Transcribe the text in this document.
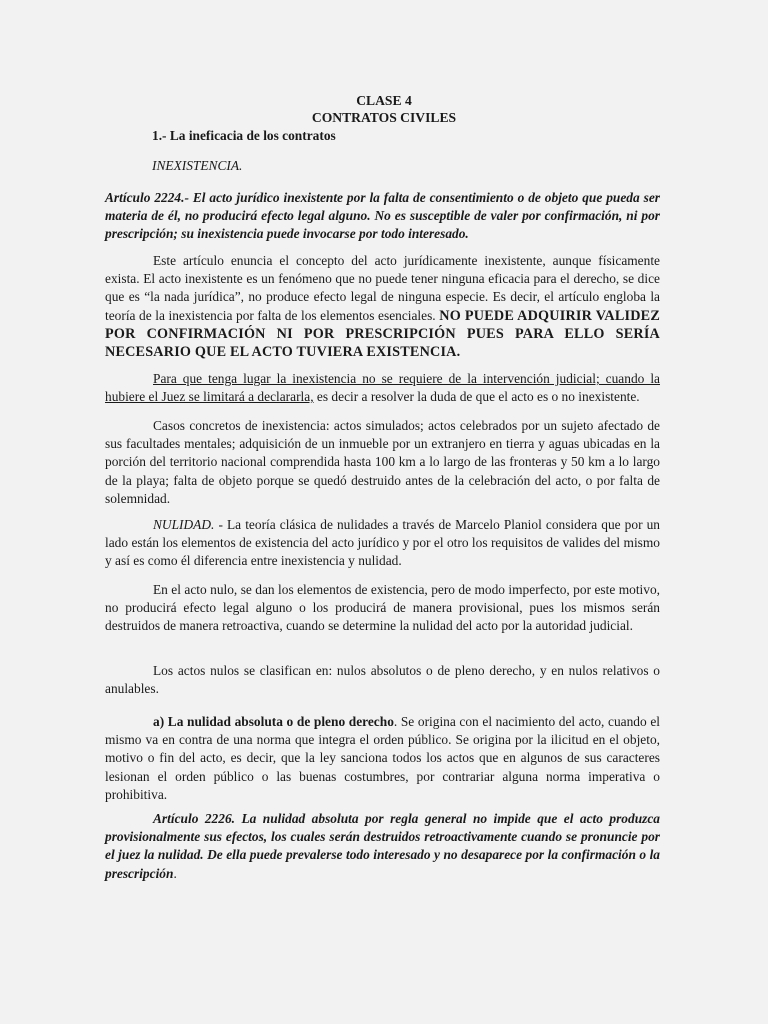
CLASE 4

CONTRATOS CIVILES

1.- La ineficacia de los contratos

INEXISTENCIA.

Artículo 2224.- El acto jurídico inexistente por la falta de consentimiento o de objeto que pueda ser materia de él, no producirá efecto legal alguno. No es susceptible de valer por confirmación, ni por prescripción; su inexistencia puede invocarse por todo interesado.

Este artículo enuncia el concepto del acto jurídicamente inexistente, aunque físicamente exista. El acto inexistente es un fenómeno que no puede tener ninguna eficacia para el derecho, se dice que es “la nada jurídica”, no produce efecto legal de ninguna especie. Es decir, el artículo engloba la teoría de la inexistencia por falta de los elementos esenciales. NO PUEDE ADQUIRIR VALIDEZ POR CONFIRMACIÓN NI POR PRESCRIPCIÓN PUES PARA ELLO SERÍA NECESARIO QUE EL ACTO TUVIERA EXISTENCIA.

Para que tenga lugar la inexistencia no se requiere de la intervención judicial; cuando la hubiere el Juez se limitará a declararla, es decir a resolver la duda de que el acto es o no inexistente.

Casos concretos de inexistencia: actos simulados; actos celebrados por un sujeto afectado de sus facultades mentales; adquisición de un inmueble por un extranjero en tierra y aguas ubicadas en la porción del territorio nacional comprendida hasta 100 km a lo largo de las fronteras y 50 km a lo largo de la playa; falta de objeto porque se quedó destruido antes de la celebración del acto, o por falta de solemnidad.

NULIDAD. - La teoría clásica de nulidades a través de Marcelo Planiol considera que por un lado están los elementos de existencia del acto jurídico y por el otro los requisitos de valides del mismo y así es como él diferencia entre inexistencia y nulidad.

En el acto nulo, se dan los elementos de existencia, pero de modo imperfecto, por este motivo, no producirá efecto legal alguno o los producirá de manera provisional, pues los mismos serán destruidos de manera retroactiva, cuando se determine la nulidad del acto por la autoridad judicial.

Los actos nulos se clasifican en: nulos absolutos o de pleno derecho, y en nulos relativos o anulables.

a) La nulidad absoluta o de pleno derecho. Se origina con el nacimiento del acto, cuando el mismo va en contra de una norma que integra el orden público. Se origina por la ilicitud en el objeto, motivo o fin del acto, es decir, que la ley sanciona todos los actos que en algunos de sus caracteres lesionan el orden público o las buenas costumbres, por contrariar alguna norma imperativa o prohibitiva.

Artículo 2226. La nulidad absoluta por regla general no impide que el acto produzca provisionalmente sus efectos, los cuales serán destruidos retroactivamente cuando se pronuncie por el juez la nulidad. De ella puede prevalerse todo interesado y no desaparece por la confirmación o la prescripción.
